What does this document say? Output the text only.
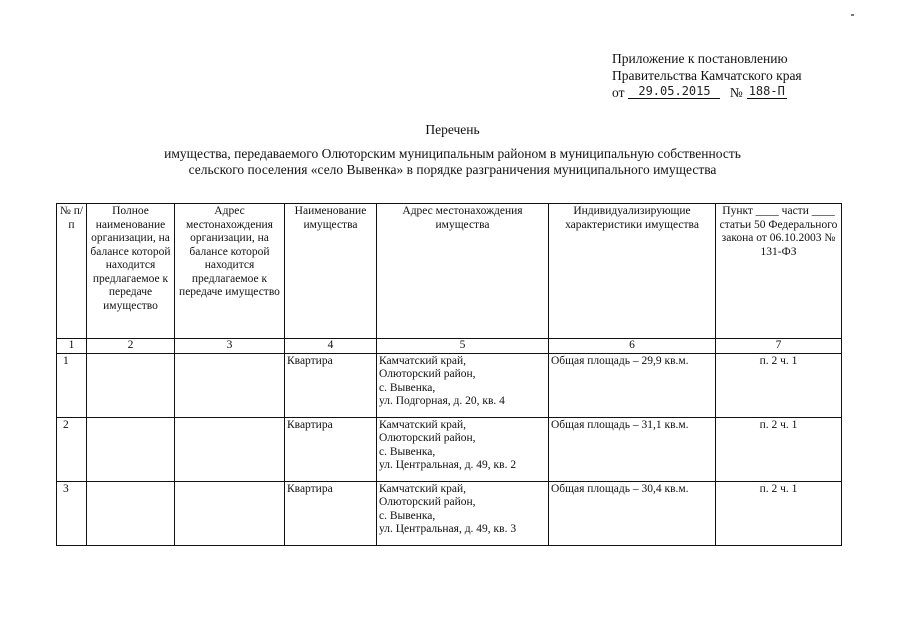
Приложение к постановлению
Правительства Камчатского края
от 29.05.2015 № 188-П
Перечень
имущества, передаваемого Олюторским муниципальным районом в муниципальную собственность
сельского поселения «село Вывенка» в порядке разграничения муниципального имущества
№ п/п	Полное наименование организации, на балансе которой находится предлагаемое к передаче имущество	Адрес местонахождения организации, на балансе которой находится предлагаемое к передаче имущество	Наименование имущества	Адрес местонахождения имущества	Индивидуализирующие характеристики имущества	Пункт ____ части ____ статьи 50 Федерального закона от 06.10.2003 № 131-ФЗ
1	2	3	4	5	6	7
1			Квартира	Камчатский край,
Олюторский район,
с. Вывенка,
ул. Подгорная, д. 20, кв. 4	Общая площадь – 29,9 кв.м.	п. 2 ч. 1
2			Квартира	Камчатский край,
Олюторский район,
с. Вывенка,
ул. Центральная, д. 49, кв. 2	Общая площадь – 31,1 кв.м.	п. 2 ч. 1
3			Квартира	Камчатский край,
Олюторский район,
с. Вывенка,
ул. Центральная, д. 49, кв. 3	Общая площадь – 30,4 кв.м.	п. 2 ч. 1
